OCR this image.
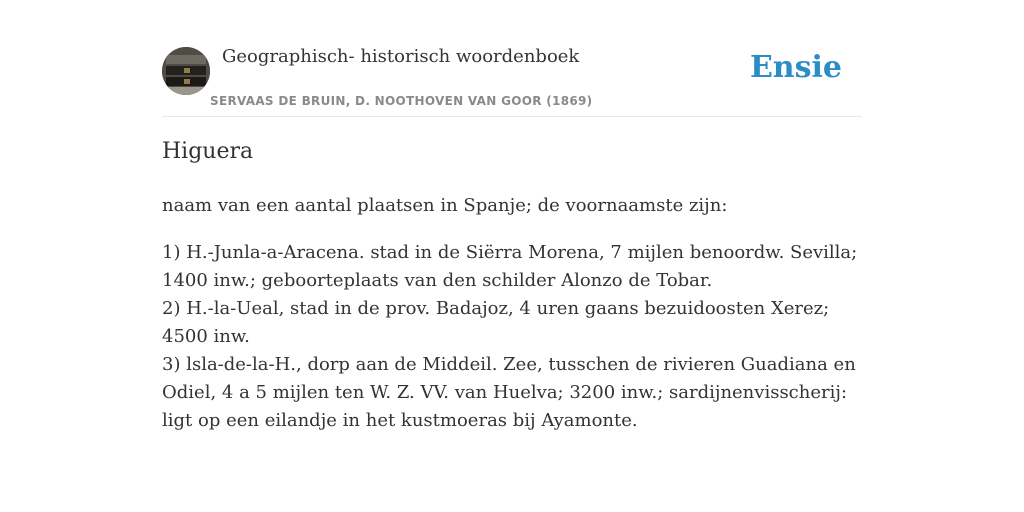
Geographisch- historisch woordenboek
SERVAAS DE BRUIN, D. NOOTHOVEN VAN GOOR (1869)
Ensie
Higuera

naam van een aantal plaatsen in Spanje; de voornaamste zijn:

1) H.-Junla-a-Aracena. stad in de Siërra Morena, 7 mijlen benoordw. Sevilla; 1400 inw.; geboorteplaats van den schilder Alonzo de Tobar.
2) H.-la-Ueal, stad in de prov. Badajoz, 4 uren gaans bezuidoosten Xerez; 4500 inw.
3) lsla-de-la-H., dorp aan de Middeil. Zee, tusschen de rivieren Guadiana en Odiel, 4 a 5 mijlen ten W. Z. VV. van Huelva; 3200 inw.; sardijnenvisscherij: ligt op een eilandje in het kustmoeras bij Ayamonte.
